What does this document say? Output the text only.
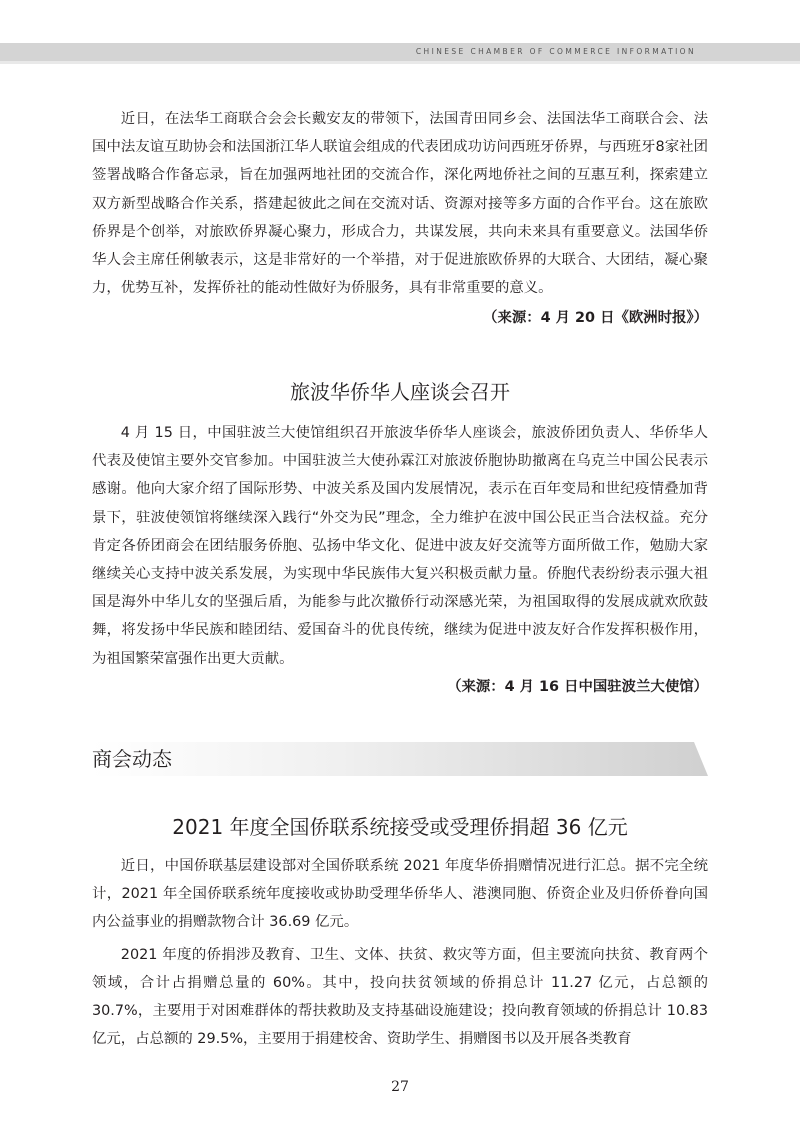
CHINESE CHAMBER OF COMMERCE INFORMATION

近日，在法华工商联合会会长戴安友的带领下，法国青田同乡会、法国法华工商联合会、法国中法友谊互助协会和法国浙江华人联谊会组成的代表团成功访问西班牙侨界，与西班牙8家社团签署战略合作备忘录，旨在加强两地社团的交流合作，深化两地侨社之间的互惠互利，探索建立双方新型战略合作关系，搭建起彼此之间在交流对话、资源对接等多方面的合作平台。这在旅欧侨界是个创举，对旅欧侨界凝心聚力，形成合力，共谋发展，共向未来具有重要意义。法国华侨华人会主席任俐敏表示，这是非常好的一个举措，对于促进旅欧侨界的大联合、大团结，凝心聚力，优势互补，发挥侨社的能动性做好为侨服务，具有非常重要的意义。

（来源：4 月 20 日《欧洲时报》）

旅波华侨华人座谈会召开

4 月 15 日，中国驻波兰大使馆组织召开旅波华侨华人座谈会，旅波侨团负责人、华侨华人代表及使馆主要外交官参加。中国驻波兰大使孙霖江对旅波侨胞协助撤离在乌克兰中国公民表示感谢。他向大家介绍了国际形势、中波关系及国内发展情况，表示在百年变局和世纪疫情叠加背景下，驻波使领馆将继续深入践行“外交为民”理念，全力维护在波中国公民正当合法权益。充分肯定各侨团商会在团结服务侨胞、弘扬中华文化、促进中波友好交流等方面所做工作，勉励大家继续关心支持中波关系发展，为实现中华民族伟大复兴积极贡献力量。侨胞代表纷纷表示强大祖国是海外中华儿女的坚强后盾，为能参与此次撤侨行动深感光荣，为祖国取得的发展成就欢欣鼓舞，将发扬中华民族和睦团结、爱国奋斗的优良传统，继续为促进中波友好合作发挥积极作用，为祖国繁荣富强作出更大贡献。

（来源：4 月 16 日中国驻波兰大使馆）

商会动态
2021 年度全国侨联系统接受或受理侨捐超 36 亿元

近日，中国侨联基层建设部对全国侨联系统 2021 年度华侨捐赠情况进行汇总。据不完全统计，2021 年全国侨联系统年度接收或协助受理华侨华人、港澳同胞、侨资企业及归侨侨眷向国内公益事业的捐赠款物合计 36.69 亿元。

2021 年度的侨捐涉及教育、卫生、文体、扶贫、救灾等方面，但主要流向扶贫、教育两个领域，合计占捐赠总量的 60%。其中，投向扶贫领域的侨捐总计 11.27 亿元，占总额的 30.7%，主要用于对困难群体的帮扶救助及支持基础设施建设；投向教育领域的侨捐总计 10.83 亿元，占总额的 29.5%，主要用于捐建校舍、资助学生、捐赠图书以及开展各类教育

27
